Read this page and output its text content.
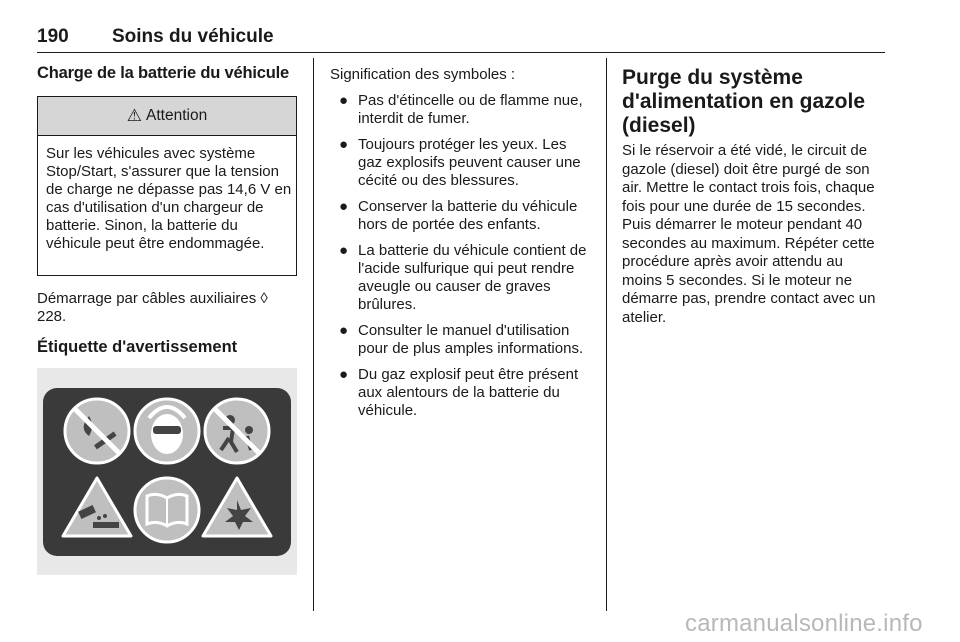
190 Soins du véhicule
Charge de la batterie du véhicule
⚠ Attention
Sur les véhicules avec système Stop/Start, s'assurer que la tension de charge ne dépasse pas 14,6 V en cas d'utilisation d'un chargeur de batterie. Sinon, la batterie du véhicule peut être endommagée.
Démarrage par câbles auxiliaires ◊ 228.
Étiquette d'avertissement
Signification des symboles :
● Pas d'étincelle ou de flamme nue, interdit de fumer.
● Toujours protéger les yeux. Les gaz explosifs peuvent causer une cécité ou des blessures.
● Conserver la batterie du véhicule hors de portée des enfants.
● La batterie du véhicule contient de l'acide sulfurique qui peut rendre aveugle ou causer de graves brûlures.
● Consulter le manuel d'utilisation pour de plus amples informations.
● Du gaz explosif peut être présent aux alentours de la batterie du véhicule.
Purge du système d'alimentation en gazole (diesel)
Si le réservoir a été vidé, le circuit de gazole (diesel) doit être purgé de son air. Mettre le contact trois fois, chaque fois pour une durée de 15 secondes. Puis démarrer le moteur pendant 40 secondes au maximum. Répéter cette procédure après avoir attendu au moins 5 secondes. Si le moteur ne démarre pas, prendre contact avec un atelier.
carmanualsonline.info
